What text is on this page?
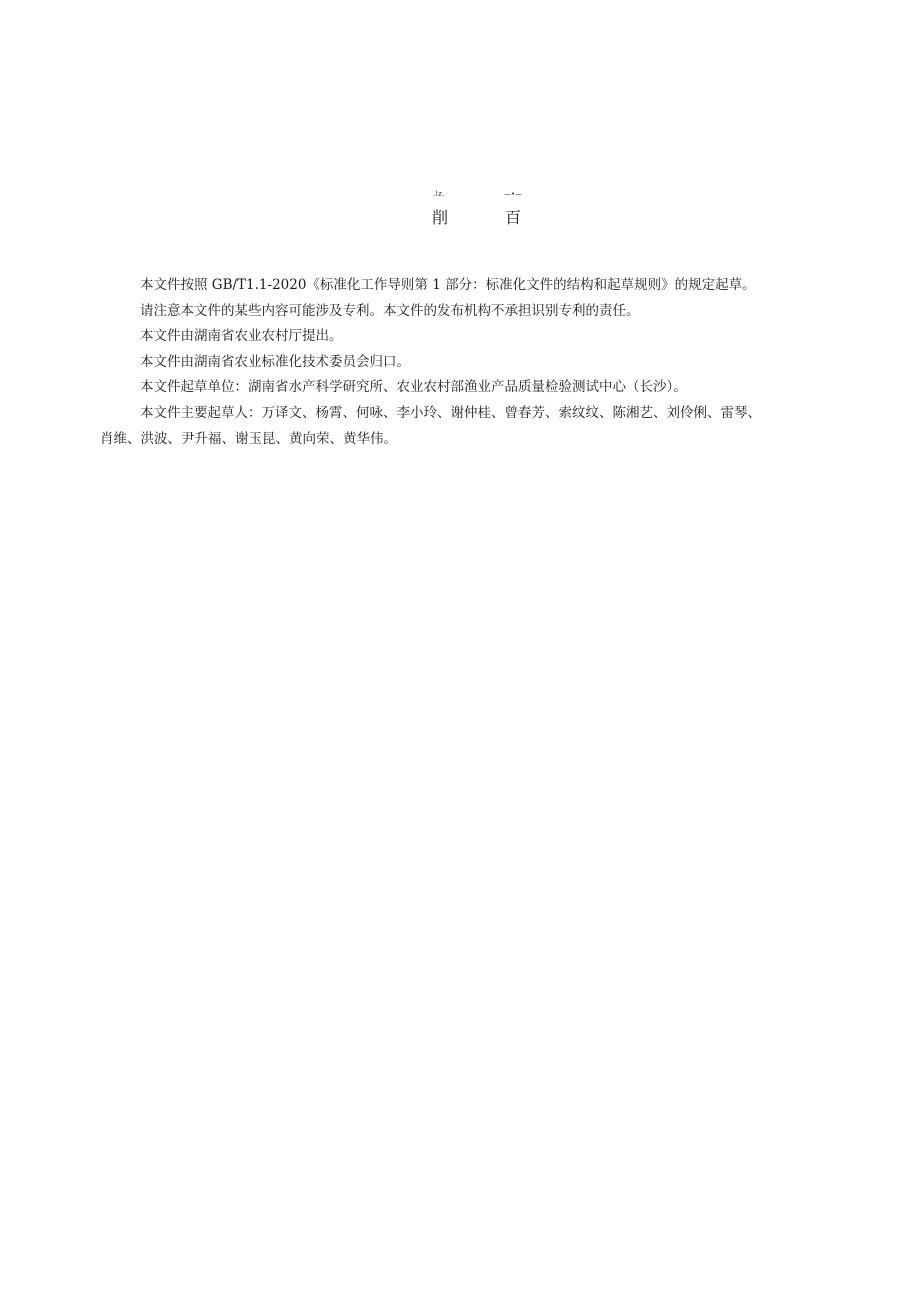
.lz.	—•—
削	百

本文件按照 GB/T1.1-2020《标准化工作导则第 1 部分：标准化文件的结构和起草规则》的规定起草。

请注意本文件的某些内容可能涉及专利。本文件的发布机构不承担识别专利的责任。

本文件由湖南省农业农村厅提出。

本文件由湖南省农业标准化技术委员会归口。

本文件起草单位：湖南省水产科学研究所、农业农村部渔业产品质量检验测试中心（长沙）。

本文件主要起草人：万译文、杨霄、何咏、李小玲、谢仲桂、曾春芳、索纹纹、陈湘艺、刘伶俐、雷琴、
肖维、洪波、尹升福、谢玉昆、黄向荣、黄华伟。
